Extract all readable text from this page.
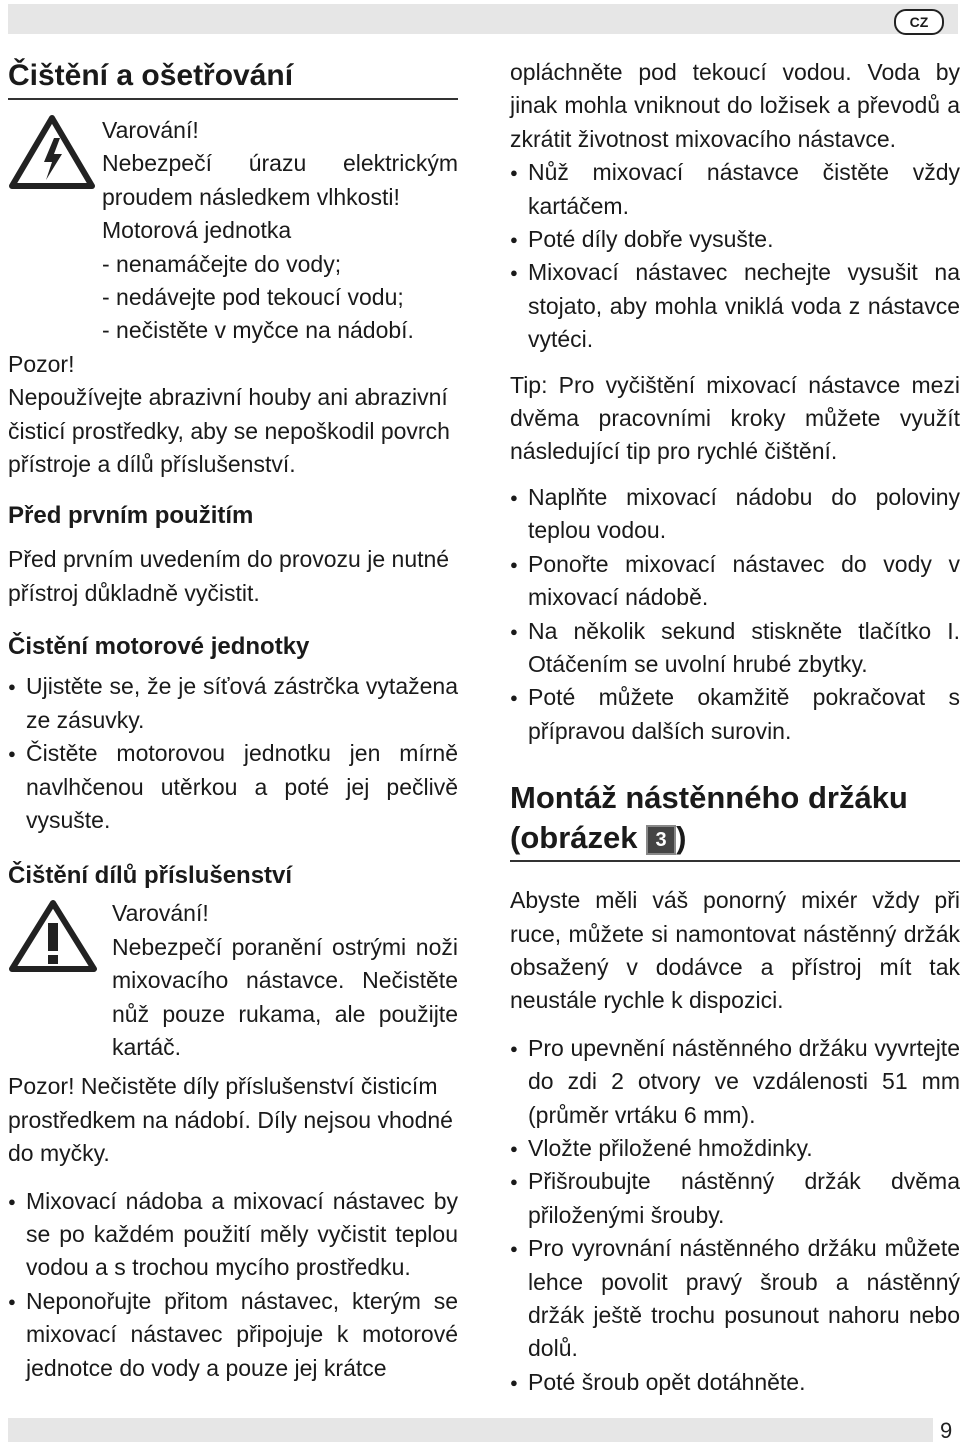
CZ
Čištění a ošetřování

Varování!

Nebezpečí úrazu elektrickým proudem následkem vlhkosti!

Motorová jednotka

- nenamáčejte do vody;

- nedávejte pod tekoucí vodu;

- nečistěte v myčce na nádobí.

Pozor!

Nepoužívejte abrazivní houby ani abrazivní čisticí prostředky, aby se nepoškodil povrch přístroje a dílů příslušenství.

Před prvním použitím

Před prvním uvedením do provozu je nutné přístroj důkladně vyčistit.

Čistění motorové jednotky
● Ujistěte se, že je síťová zástrčka vytažena ze zásuvky.
● Čistěte motorovou jednotku jen mírně navlhčenou utěrkou a poté jej pečlivě vysušte.
Čištění dílů příslušenství

Varování!

Nebezpečí poranění ostrými noži mixovacího nástavce. Nečistěte nůž pouze rukama, ale použijte kartáč.

Pozor! Nečistěte díly příslušenství čisticím prostředkem na nádobí. Díly nejsou vhodné do myčky.

● Mixovací nádoba a mixovací nástavec by se po každém použití měly vyčistit teplou vodou a s trochou mycího prostředku.
● Neponořujte přitom nástavec, kterým se mixovací nástavec připojuje k motorové jednotce do vody a pouze jej krátce

opláchněte pod tekoucí vodou. Voda by jinak mohla vniknout do ložisek a převodů a zkrátit životnost mixovacího nástavce.

● Nůž mixovací nástavce čistěte vždy kartáčem.
● Poté díly dobře vysušte.
● Mixovací nástavec nechejte vysušit na stojato, aby mohla vniklá voda z nástavce vytéci.

Tip: Pro vyčištění mixovací nástavce mezi dvěma pracovními kroky můžete využít následující tip pro rychlé čištění.

● Naplňte mixovací nádobu do poloviny teplou vodou.
● Ponořte mixovací nástavec do vody v mixovací nádobě.
● Na několik sekund stiskněte tlačítko I. Otáčením se uvolní hrubé zbytky.
● Poté můžete okamžitě pokračovat s přípravou dalších surovin.
Montáž nástěnného držáku
(obrázek 3 )

Abyste měli váš ponorný mixér vždy při ruce, můžete si namontovat nástěnný držák obsažený v dodávce a přístroj mít tak neustále rychle k dispozici.

● Pro upevnění nástěnného držáku vyvrtejte do zdi 2 otvory ve vzdálenosti 51 mm (průměr vrtáku 6 mm).
● Vložte přiložené hmoždinky.
● Přišroubujte nástěnný držák dvěma přiloženými šrouby.
● Pro vyrovnání nástěnného držáku můžete lehce povolit pravý šroub a nástěnný držák ještě trochu posunout nahoru nebo dolů.
● Poté šroub opět dotáhněte.
9
